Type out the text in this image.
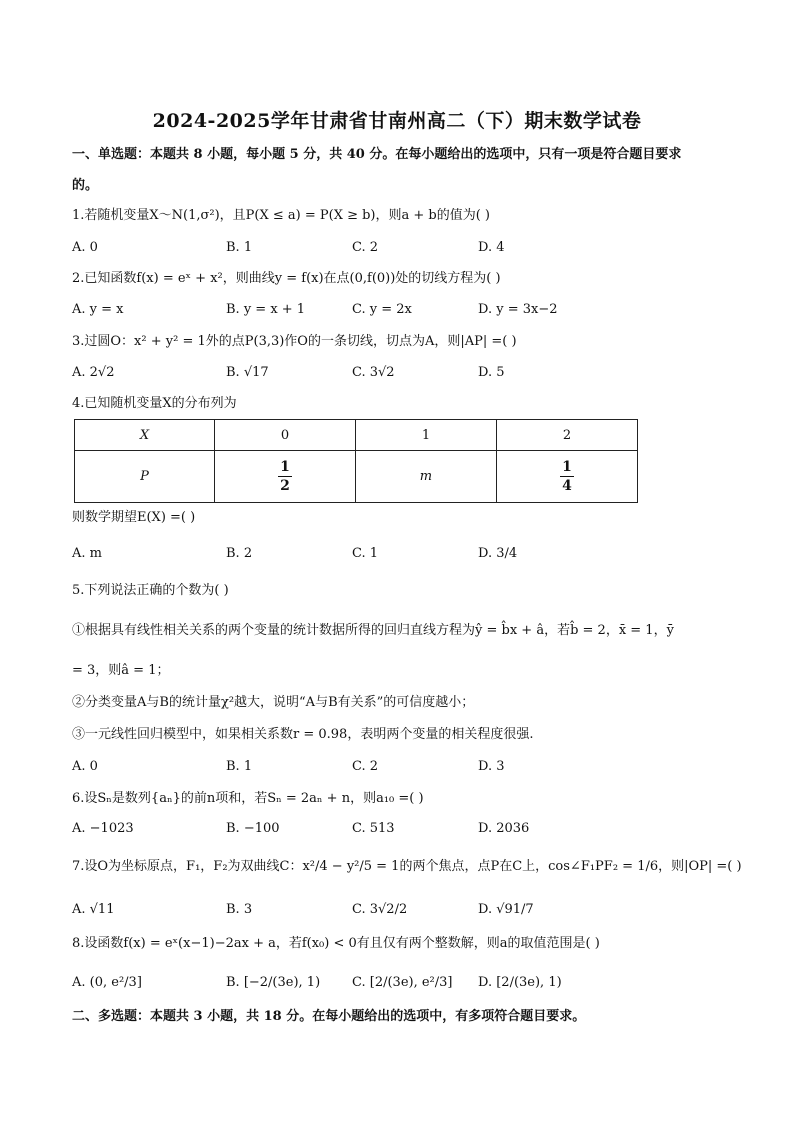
2024-2025学年甘肃省甘南州高二（下）期末数学试卷
一、单选题：本题共 8 小题，每小题 5 分，共 40 分。在每小题给出的选项中，只有一项是符合题目要求
的。
1.若随机变量X～N(1,σ²)，且P(X ≤ a) = P(X ≥ b)，则a + b的值为( )
A. 0	B. 1	C. 2	D. 4
2.已知函数f(x) = eˣ + x²，则曲线y = f(x)在点(0,f(0))处的切线方程为( )
A. y = x	B. y = x + 1	C. y = 2x	D. y = 3x−2
3.过圆O：x² + y² = 1外的点P(3,3)作O的一条切线，切点为A，则|AP| =( )
A. 2√2	B. √17	C. 3√2	D. 5
4.已知随机变量X的分布列为
X	0	1	2
P	$\frac{1}{2}$	m	$\frac{1}{4}$
则数学期望E(X) =( )
A. m	B. 2	C. 1	D. 3/4
5.下列说法正确的个数为( )
①根据具有线性相关关系的两个变量的统计数据所得的回归直线方程为ŷ = b̂x + â，若b̂ = 2，x̄ = 1，ȳ
= 3，则â = 1；
②分类变量A与B的统计量χ²越大，说明“A与B有关系”的可信度越小；
③一元线性回归模型中，如果相关系数r = 0.98，表明两个变量的相关程度很强.
A. 0	B. 1	C. 2	D. 3
6.设Sₙ是数列{aₙ}的前n项和，若Sₙ = 2aₙ + n，则a₁₀ =( )
A. −1023	B. −100	C. 513	D. 2036
7.设O为坐标原点，F₁，F₂为双曲线C：x²/4 − y²/5 = 1的两个焦点，点P在C上，cos∠F₁PF₂ = 1/6，则|OP| =( )
A. √11	B. 3	C. 3√2/2	D. √91/7
8.设函数f(x) = eˣ(x−1)−2ax + a，若f(x₀) < 0有且仅有两个整数解，则a的取值范围是( )
A. (0, e²/3]	B. [−2/(3e), 1) C. [2/(3e), e²/3] D. [2/(3e), 1)
二、多选题：本题共 3 小题，共 18 分。在每小题给出的选项中，有多项符合题目要求。
